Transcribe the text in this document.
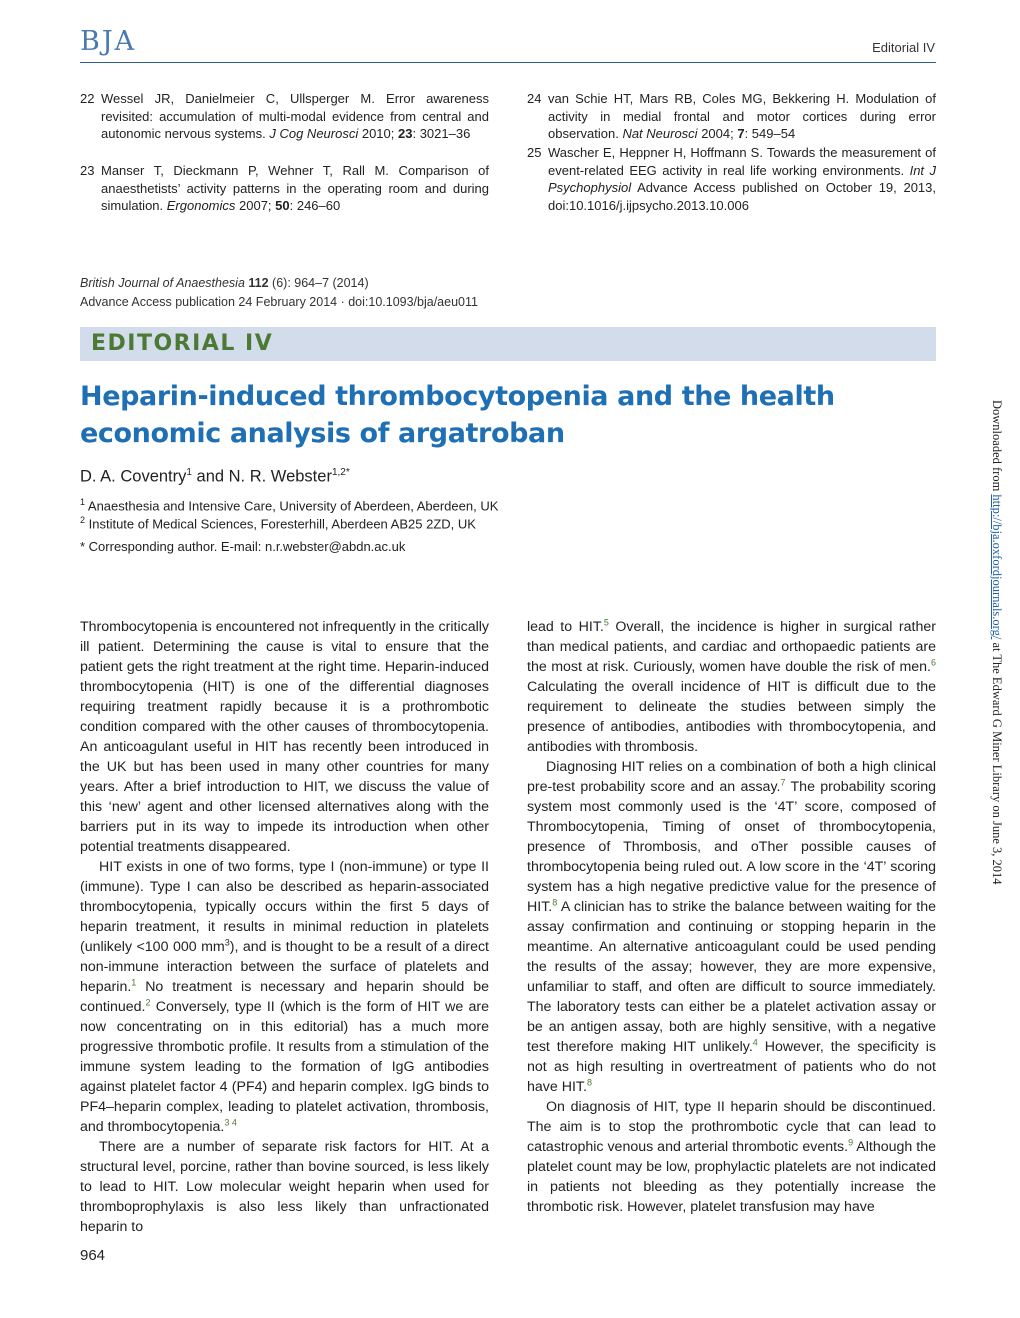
BJA	Editorial IV
22 Wessel JR, Danielmeier C, Ullsperger M. Error awareness revisited: accumulation of multi-modal evidence from central and autonomic nervous systems. J Cog Neurosci 2010; 23: 3021–36
23 Manser T, Dieckmann P, Wehner T, Rall M. Comparison of anaesthetists’ activity patterns in the operating room and during simulation. Ergonomics 2007; 50: 246–60
24 van Schie HT, Mars RB, Coles MG, Bekkering H. Modulation of activity in medial frontal and motor cortices during error observation. Nat Neurosci 2004; 7: 549–54
25 Wascher E, Heppner H, Hoffmann S. Towards the measurement of event-related EEG activity in real life working environments. Int J Psychophysiol Advance Access published on October 19, 2013, doi:10.1016/j.ijpsycho.2013.10.006
British Journal of Anaesthesia 112 (6): 964–7 (2014)
Advance Access publication 24 February 2014 · doi:10.1093/bja/aeu011
EDITORIAL IV
Heparin-induced thrombocytopenia and the health economic analysis of argatroban
D. A. Coventry$^1$ and N. R. Webster$^{1,2*}$
$^1$ Anaesthesia and Intensive Care, University of Aberdeen, Aberdeen, UK
$^2$ Institute of Medical Sciences, Foresterhill, Aberdeen AB25 2ZD, UK
* Corresponding author. E-mail: n.r.webster@abdn.ac.uk

Thrombocytopenia is encountered not infrequently in the critically ill patient. Determining the cause is vital to ensure that the patient gets the right treatment at the right time. Heparin-induced thrombocytopenia (HIT) is one of the differential diagnoses requiring treatment rapidly because it is a prothrombotic condition compared with the other causes of thrombocytopenia. An anticoagulant useful in HIT has recently been introduced in the UK but has been used in many other countries for many years. After a brief introduction to HIT, we discuss the value of this ‘new’ agent and other licensed alternatives along with the barriers put in its way to impede its introduction when other potential treatments disappeared.

HIT exists in one of two forms, type I (non-immune) or type II (immune). Type I can also be described as heparin-associated thrombocytopenia, typically occurs within the first 5 days of heparin treatment, it results in minimal reduction in platelets (unlikely <100 000 $mm^3$), and is thought to be a result of a direct non-immune interaction between the surface of platelets and heparin.$^1$ No treatment is necessary and heparin should be continued.$^2$ Conversely, type II (which is the form of HIT we are now concentrating on in this editorial) has a much more progressive thrombotic profile. It results from a stimulation of the immune system leading to the formation of IgG antibodies against platelet factor 4 (PF4) and heparin complex. IgG binds to PF4–heparin complex, leading to platelet activation, thrombosis, and thrombocytopenia.$^{3 4}$

There are a number of separate risk factors for HIT. At a structural level, porcine, rather than bovine sourced, is less likely to lead to HIT. Low molecular weight heparin when used for thromboprophylaxis is also less likely than unfractionated heparin to

lead to HIT.$^5$ Overall, the incidence is higher in surgical rather than medical patients, and cardiac and orthopaedic patients are the most at risk. Curiously, women have double the risk of men.$^6$ Calculating the overall incidence of HIT is difficult due to the requirement to delineate the studies between simply the presence of antibodies, antibodies with thrombocytopenia, and antibodies with thrombosis.

Diagnosing HIT relies on a combination of both a high clinical pre-test probability score and an assay.$^7$ The probability scoring system most commonly used is the ‘4T’ score, composed of Thrombocytopenia, Timing of onset of thrombocytopenia, presence of Thrombosis, and oTher possible causes of thrombocytopenia being ruled out. A low score in the ‘4T’ scoring system has a high negative predictive value for the presence of HIT.$^8$ A clinician has to strike the balance between waiting for the assay confirmation and continuing or stopping heparin in the meantime. An alternative anticoagulant could be used pending the results of the assay; however, they are more expensive, unfamiliar to staff, and often are difficult to source immediately. The laboratory tests can either be a platelet activation assay or be an antigen assay, both are highly sensitive, with a negative test therefore making HIT unlikely.$^4$ However, the specificity is not as high resulting in overtreatment of patients who do not have HIT.$^8$

On diagnosis of HIT, type II heparin should be discontinued. The aim is to stop the prothrombotic cycle that can lead to catastrophic venous and arterial thrombotic events.$^9$ Although the platelet count may be low, prophylactic platelets are not indicated in patients not bleeding as they potentially increase the thrombotic risk. However, platelet transfusion may have

964
Downloaded from http://bja.oxfordjournals.org/ at The Edward G Miner Library on June 3, 2014
